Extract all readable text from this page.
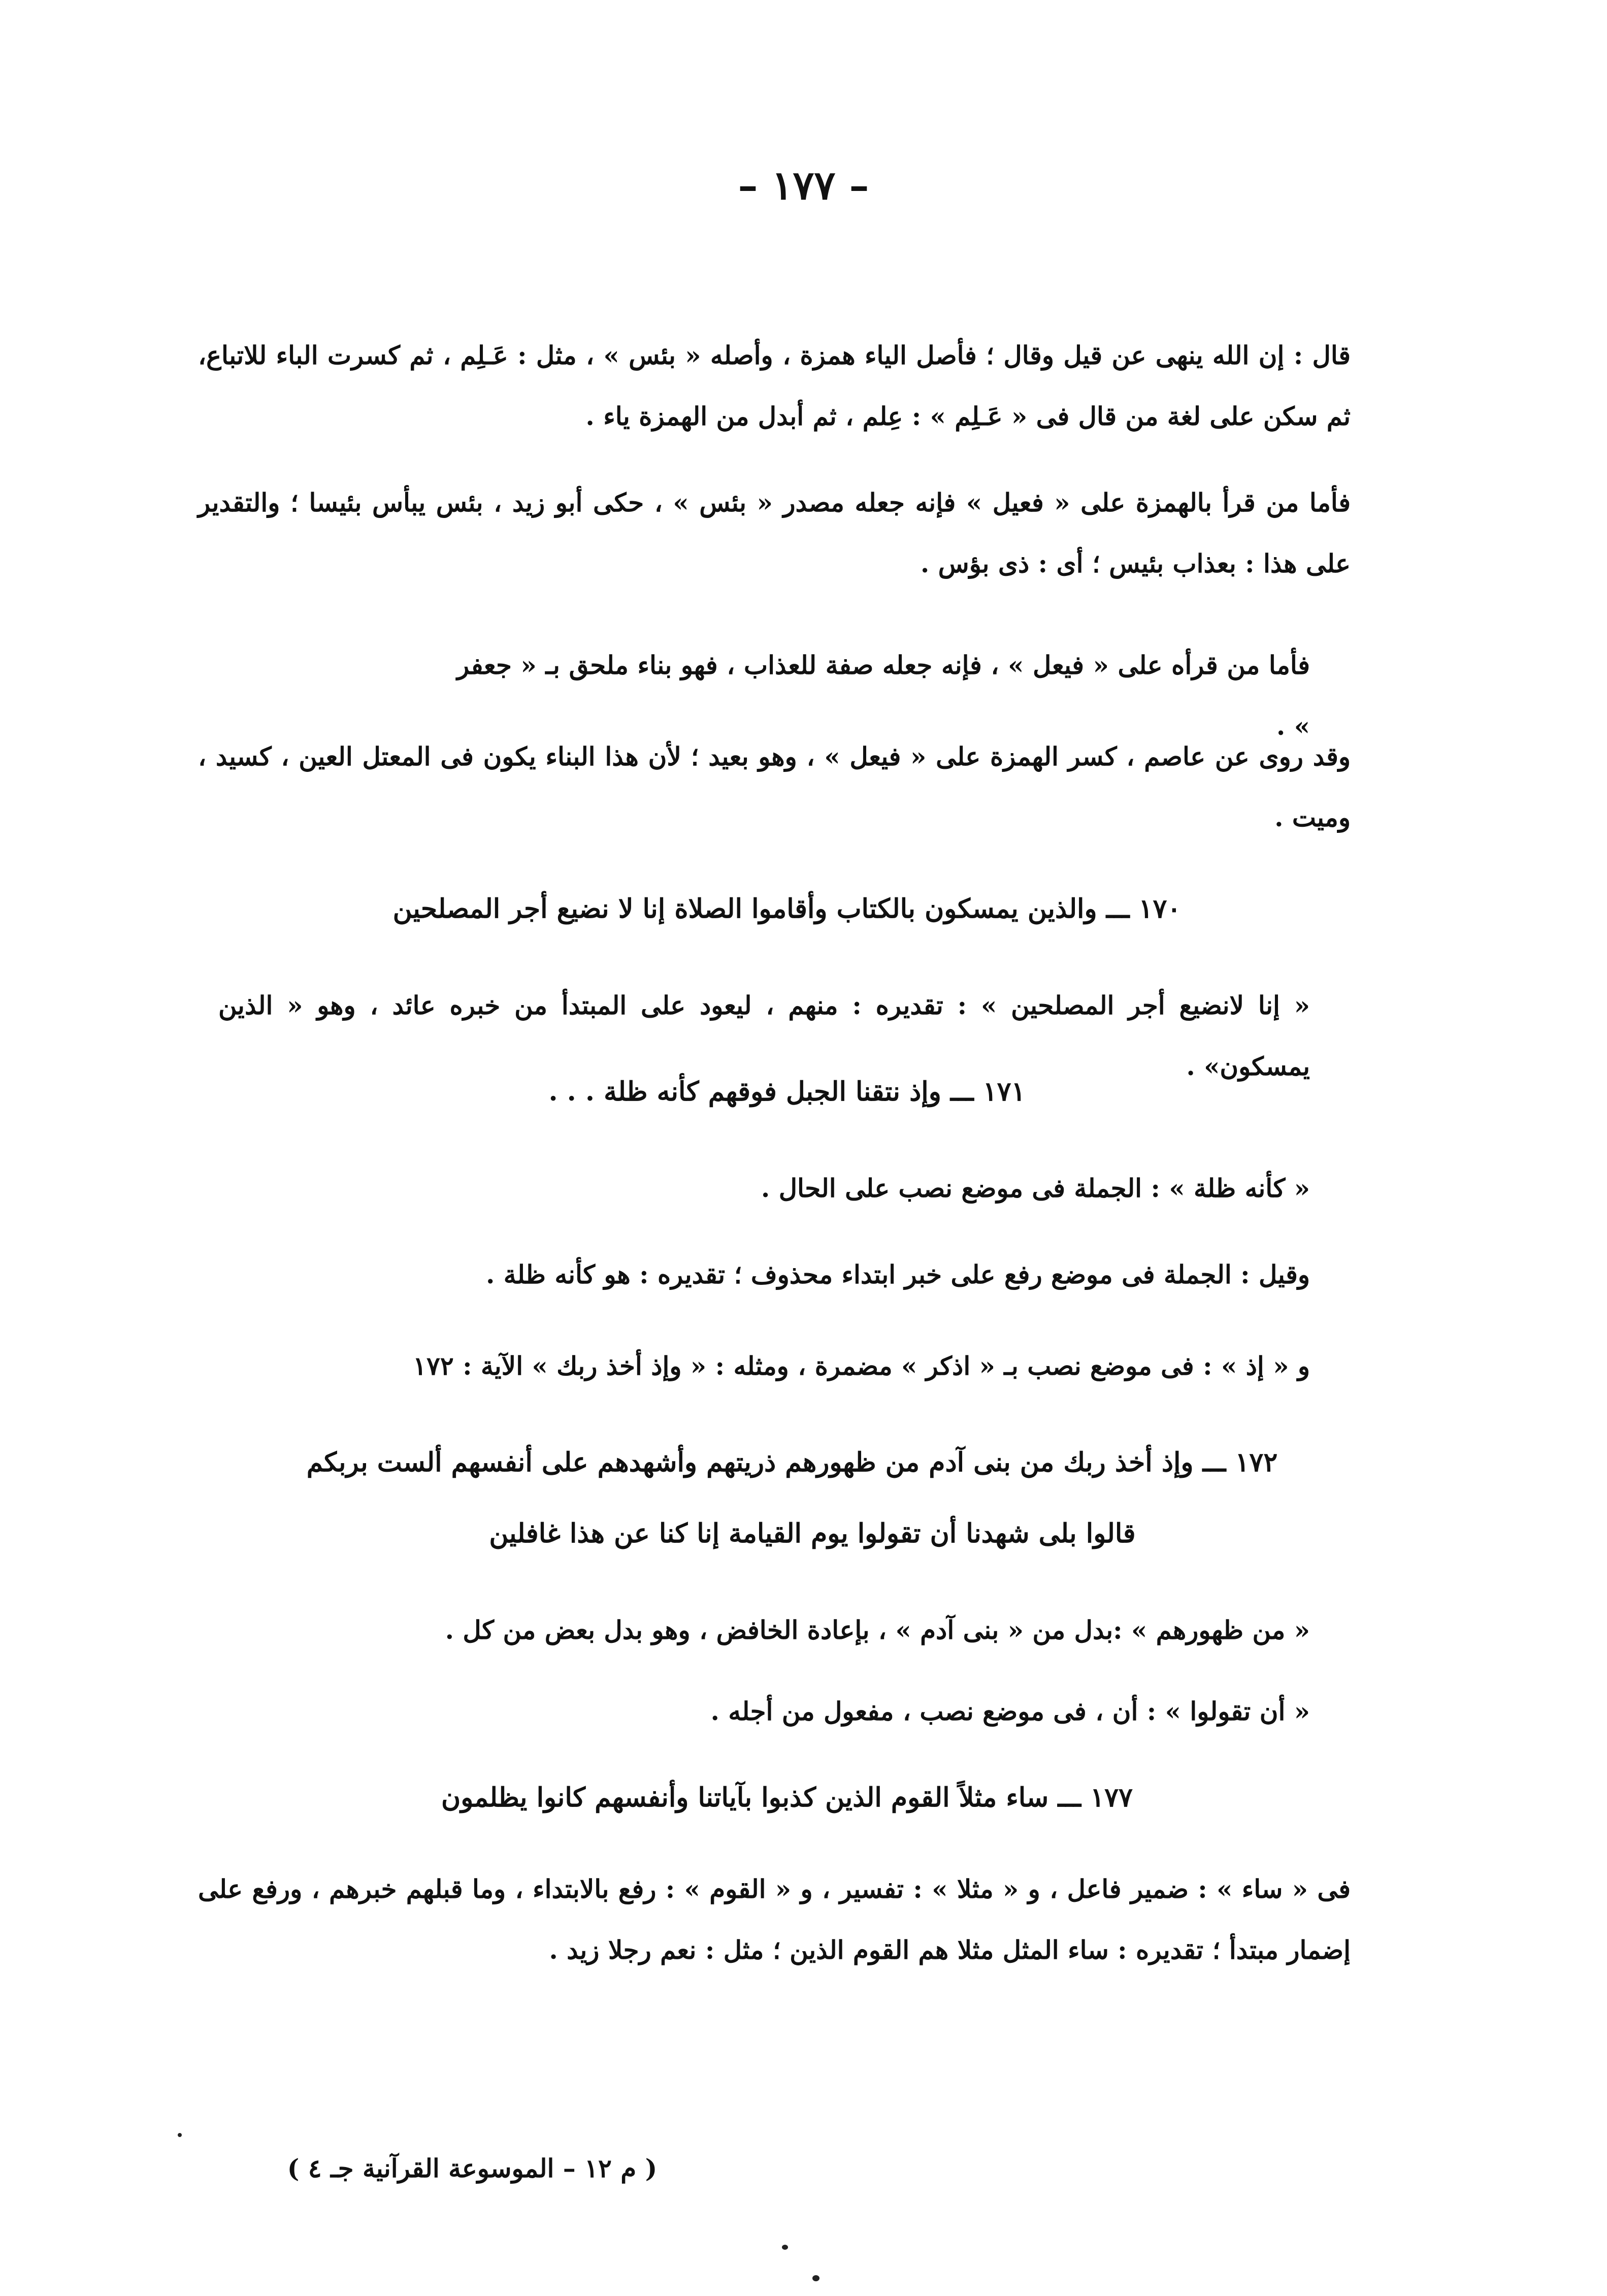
– ١٧٧ –
قال : إن الله ينهى عن قيل وقال ؛ فأصل الياء همزة ، وأصله « بئس » ، مثل : عَـلِم ، ثم كسرت الباء للاتباع، ثم سكن على لغة من قال فى « عَـلِم » : عِلم ، ثم أبدل من الهمزة ياء .
فأما من قرأ بالهمزة على « فعيل » فإنه جعله مصدر « بئس » ، حكى أبو زيد ، بئس يبأس بئيسا ؛ والتقدير على هذا : بعذاب بئيس ؛ أى : ذى بؤس .
فأما من قرأه على « فيعل » ، فإنه جعله صفة للعذاب ، فهو بناء ملحق بـ « جعفر » .
وقد روى عن عاصم ، كسر الهمزة على « فيعل » ، وهو بعيد ؛ لأن هذا البناء يكون فى المعتل العين ، كسيد ، وميت .
١٧٠ ـــ والذين يمسكون بالكتاب وأقاموا الصلاة إنا لا نضيع أجر المصلحين
« إنا لانضيع أجر المصلحين » : تقديره : منهم ، ليعود على المبتدأ من خبره عائد ، وهو « الذين يمسكون» .
١٧١ ـــ وإذ نتقنا الجبل فوقهم كأنه ظلة . . .
« كأنه ظلة » : الجملة فى موضع نصب على الحال .
وقيل : الجملة فى موضع رفع على خبر ابتداء محذوف ؛ تقديره : هو كأنه ظلة .
و « إذ » : فى موضع نصب بـ « اذكر » مضمرة ، ومثله : « وإذ أخذ ربك » الآية : ١٧٢
١٧٢ ـــ وإذ أخذ ربك من بنى آدم من ظهورهم ذريتهم وأشهدهم على أنفسهم ألست بربكم
قالوا بلى شهدنا أن تقولوا يوم القيامة إنا كنا عن هذا غافلين
« من ظهورهم » :بدل من « بنى آدم » ، بإعادة الخافض ، وهو بدل بعض من كل .
« أن تقولوا » : أن ، فى موضع نصب ، مفعول من أجله .
١٧٧ ـــ ساء مثلاً القوم الذين كذبوا بآياتنا وأنفسهم كانوا يظلمون
فى « ساء » : ضمير فاعل ، و « مثلا » : تفسير ، و « القوم » : رفع بالابتداء ، وما قبلهم خبرهم ، ورفع على إضمار مبتدأ ؛ تقديره : ساء المثل مثلا هم القوم الذين ؛ مثل : نعم رجلا زيد .
( م ١٢ – الموسوعة القرآنية جـ ٤ )
